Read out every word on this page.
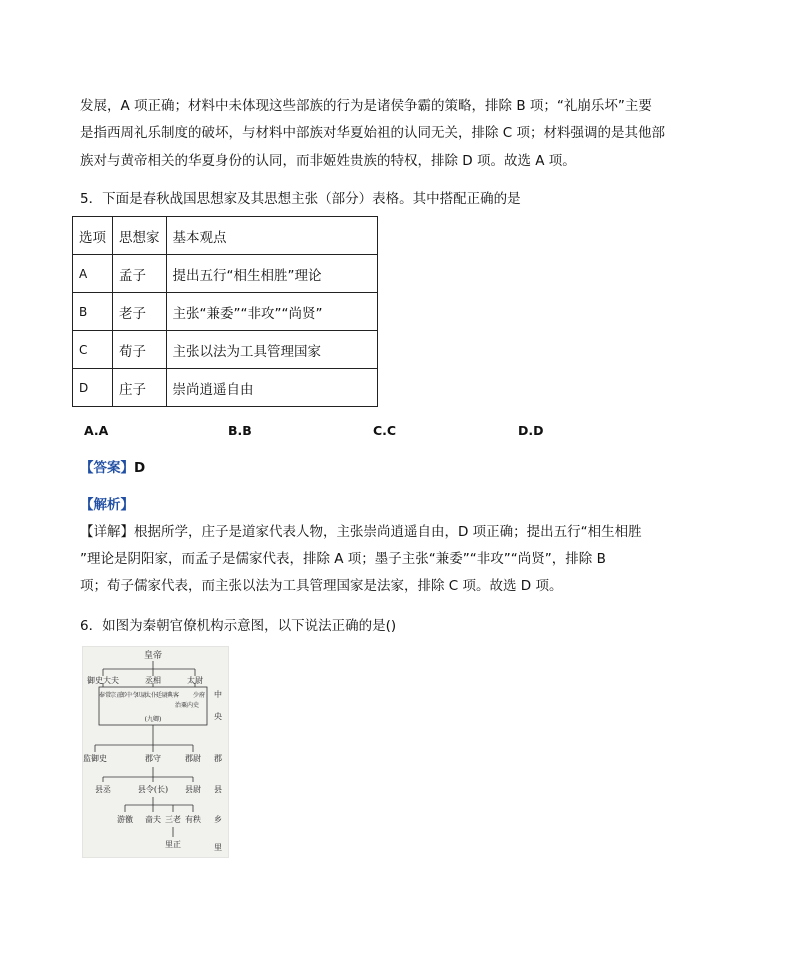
发展，A 项正确；材料中未体现这些部族的行为是诸侯争霸的策略，排除 B 项；“礼崩乐坏”主要
是指西周礼乐制度的破坏，与材料中部族对华夏始祖的认同无关，排除 C 项；材料强调的是其他部
族对与黄帝相关的华夏身份的认同，而非姬姓贵族的特权，排除 D 项。故选 A 项。
5．下面是春秋战国思想家及其思想主张（部分）表格。其中搭配正确的是
选项	思想家	基本观点
A	孟子	提出五行“相生相胜”理论
B	老子	主张“兼委”“非攻”“尚贤”
C	荀子	主张以法为工具管理国家
D	庄子	崇尚逍遥自由
A.A	B.B	C.C	D.D
【答案】D
【解析】
【详解】根据所学，庄子是道家代表人物，主张崇尚逍遥自由，D 项正确；提出五行“相生相胜
”理论是阴阳家，而孟子是儒家代表，排除 A 项；墨子主张“兼委”“非攻”“尚贤”，排除 B
项；荀子儒家代表，而主张以法为工具管理国家是法家，排除 C 项。故选 D 项。
6．如图为秦朝官僚机构示意图，以下说法正确的是()
皇帝
御史大夫	丞相	太尉
奉常
宗正
郎中令
卫尉
太仆
廷尉
典客
治粟内史
少府
(九卿)
监御史	郡守	郡尉
县丞	县令(长) 县尉
游徼 啬夫 三老 有秩
里正
中
央
郡
县
乡
里
